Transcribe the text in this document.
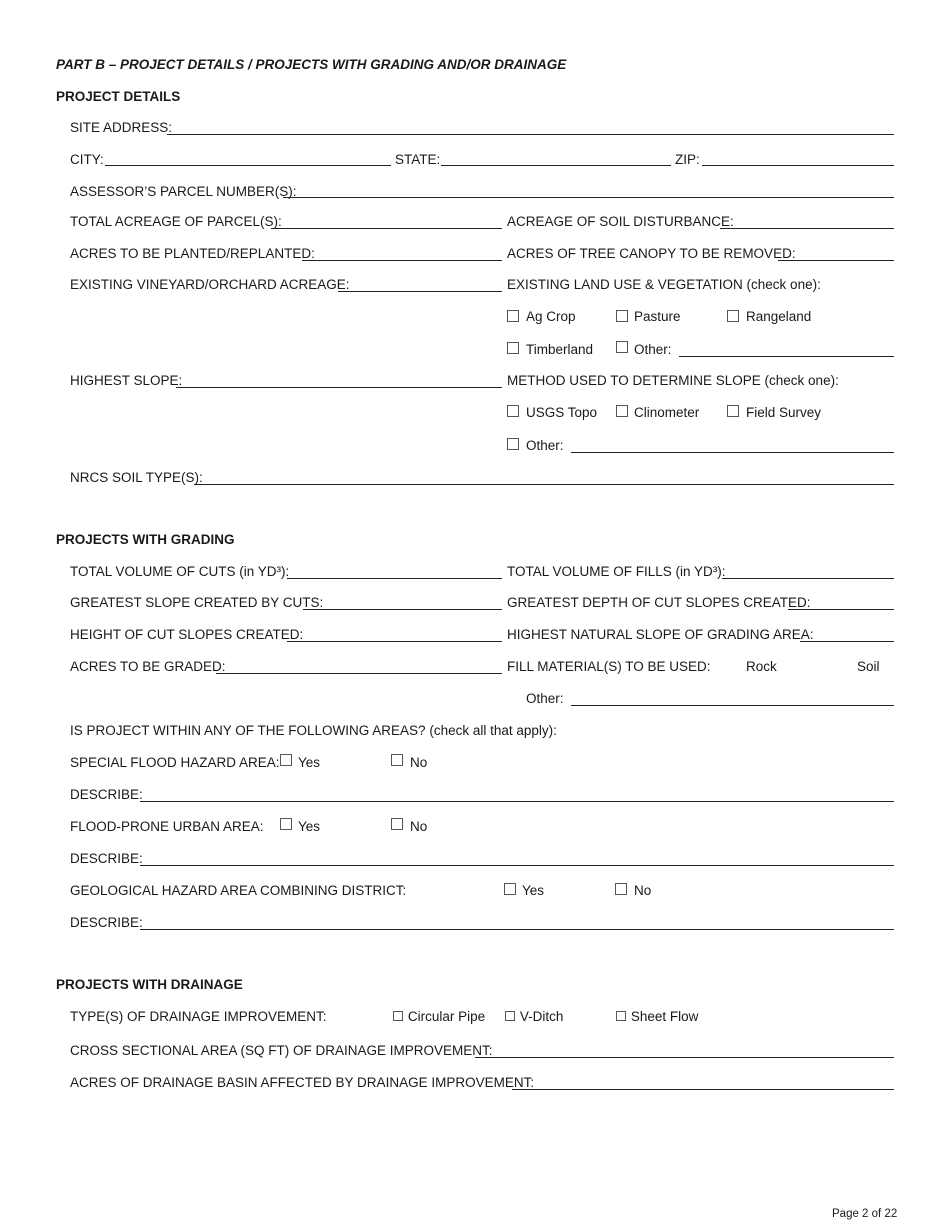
PART B – PROJECT DETAILS / PROJECTS WITH GRADING AND/OR DRAINAGE
PROJECT DETAILS
SITE ADDRESS:
CITY:	STATE:	ZIP:
ASSESSOR’S PARCEL NUMBER(S):
TOTAL ACREAGE OF PARCEL(S):	ACREAGE OF SOIL DISTURBANCE:
ACRES TO BE PLANTED/REPLANTED:	ACRES OF TREE CANOPY TO BE REMOVED:
EXISTING VINEYARD/ORCHARD ACREAGE:	EXISTING LAND USE & VEGETATION (check one):
Ag Crop	Pasture	Rangeland
Timberland	Other:
HIGHEST SLOPE:	METHOD USED TO DETERMINE SLOPE (check one):
USGS Topo	Clinometer	Field Survey
Other:
NRCS SOIL TYPE(S):
PROJECTS WITH GRADING
TOTAL VOLUME OF CUTS (in YD³):	TOTAL VOLUME OF FILLS (in YD³):
GREATEST SLOPE CREATED BY CUTS:	GREATEST DEPTH OF CUT SLOPES CREATED:
HEIGHT OF CUT SLOPES CREATED:	HIGHEST NATURAL SLOPE OF GRADING AREA:
ACRES TO BE GRADED:	FILL MATERIAL(S) TO BE USED:	Rock	Soil
Other:
IS PROJECT WITHIN ANY OF THE FOLLOWING AREAS? (check all that apply):
SPECIAL FLOOD HAZARD AREA: Yes	No
DESCRIBE:
FLOOD-PRONE URBAN AREA:	Yes	No
DESCRIBE:
GEOLOGICAL HAZARD AREA COMBINING DISTRICT:	Yes	No
DESCRIBE:
PROJECTS WITH DRAINAGE
TYPE(S) OF DRAINAGE IMPROVEMENT:	☐ Circular Pipe ☐ V-Ditch	☐ Sheet Flow
CROSS SECTIONAL AREA (SQ FT) OF DRAINAGE IMPROVEMENT:
ACRES OF DRAINAGE BASIN AFFECTED BY DRAINAGE IMPROVEMENT:
Page 2 of 22
